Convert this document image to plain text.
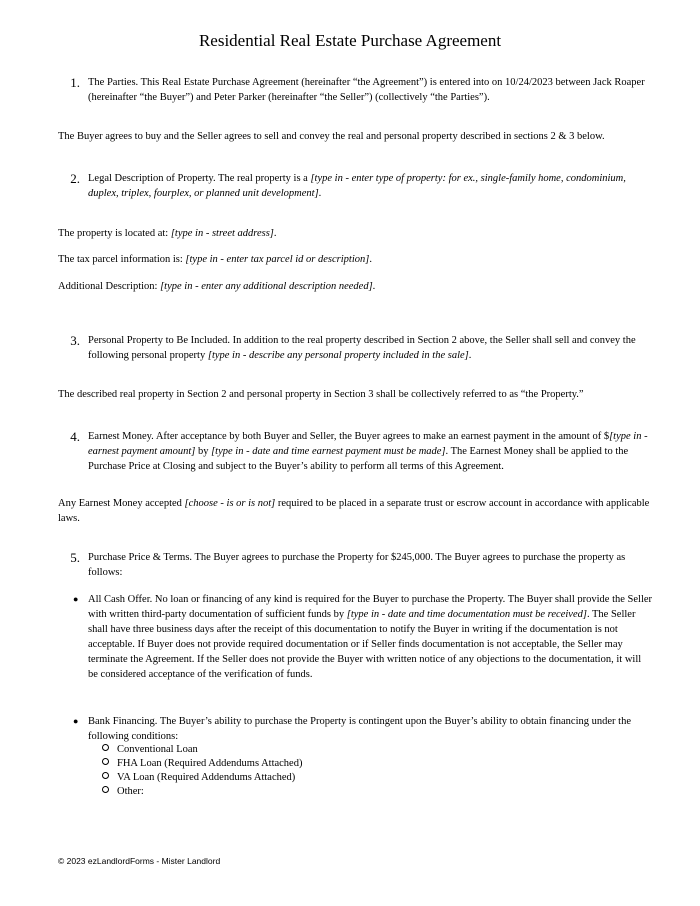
Residential Real Estate Purchase Agreement
1. The Parties. This Real Estate Purchase Agreement (hereinafter “the Agreement”) is entered into on 10/24/2023 between Jack Roaper (hereinafter “the Buyer”) and Peter Parker (hereinafter “the Seller”) (collectively “the Parties”).
The Buyer agrees to buy and the Seller agrees to sell and convey the real and personal property described in sections 2 & 3 below.
2. Legal Description of Property. The real property is a [type in - enter type of property: for ex., single-family home, condominium, duplex, triplex, fourplex, or planned unit development].
The property is located at: [type in - street address].
The tax parcel information is: [type in - enter tax parcel id or description].
Additional Description: [type in - enter any additional description needed].
3. Personal Property to Be Included. In addition to the real property described in Section 2 above, the Seller shall sell and convey the following personal property [type in - describe any personal property included in the sale].
The described real property in Section 2 and personal property in Section 3 shall be collectively referred to as “the Property.”
4. Earnest Money. After acceptance by both Buyer and Seller, the Buyer agrees to make an earnest payment in the amount of $[type in - earnest payment amount] by [type in - date and time earnest payment must be made]. The Earnest Money shall be applied to the Purchase Price at Closing and subject to the Buyer’s ability to perform all terms of this Agreement.
Any Earnest Money accepted [choose - is or is not] required to be placed in a separate trust or escrow account in accordance with applicable laws.
5. Purchase Price & Terms. The Buyer agrees to purchase the Property for $245,000. The Buyer agrees to purchase the property as follows:
● All Cash Offer. No loan or financing of any kind is required for the Buyer to purchase the Property. The Buyer shall provide the Seller with written third-party documentation of sufficient funds by [type in - date and time documentation must be received]. The Seller shall have three business days after the receipt of this documentation to notify the Buyer in writing if the documentation is not acceptable. If Buyer does not provide required documentation or if Seller finds documentation is not acceptable, the Seller may terminate the Agreement. If the Seller does not provide the Buyer with written notice of any objections to the documentation, it will be considered acceptance of the verification of funds.
● Bank Financing. The Buyer’s ability to purchase the Property is contingent upon the Buyer’s ability to obtain financing under the following conditions:
Conventional Loan
FHA Loan (Required Addendums Attached)
VA Loan (Required Addendums Attached)
Other:
© 2023 ezLandlordForms - Mister Landlord
